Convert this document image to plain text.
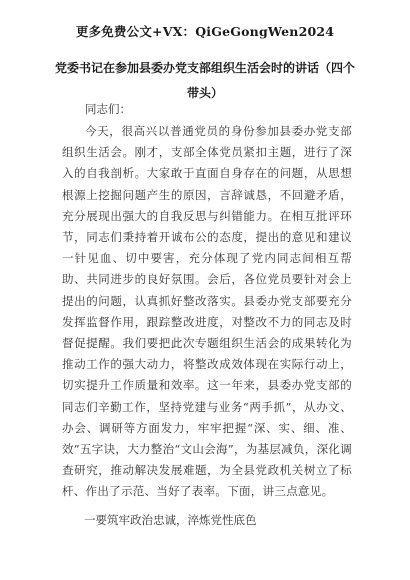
更多免费公文+VX：QiGeGongWen2024
党委书记在参加县委办党支部组织生活会时的讲话（四个带头）
同志们：

今天，很高兴以普通党员的身份参加县委办党支部组织生活会。刚才，支部全体党员紧扣主题，进行了深入的自我剖析。大家敢于直面自身存在的问题，从思想根源上挖掘问题产生的原因，言辞诚恳，不回避矛盾，充分展现出强大的自我反思与纠错能力。在相互批评环节，同志们秉持着开诚布公的态度，提出的意见和建议一针见血、切中要害，充分体现了党内同志间相互帮助、共同进步的良好氛围。会后，各位党员要针对会上提出的问题，认真抓好整改落实。县委办党支部要充分发挥监督作用，跟踪整改进度，对整改不力的同志及时督促提醒。我们要把此次专题组织生活会的成果转化为推动工作的强大动力，将整改成效体现在实际行动上，切实提升工作质量和效率。这一年来，县委办党支部的同志们辛勤工作，坚持党建与业务“两手抓”，从办文、办会、调研等方面发力，牢牢把握“深、实、细、准、效”五字诀，大力整治“文山会海”，为基层减负，深化调查研究，推动解决发展难题，为全县党政机关树立了标杆、作出了示范、当好了表率。下面，讲三点意见。

一要筑牢政治忠诚，淬炼党性底色
